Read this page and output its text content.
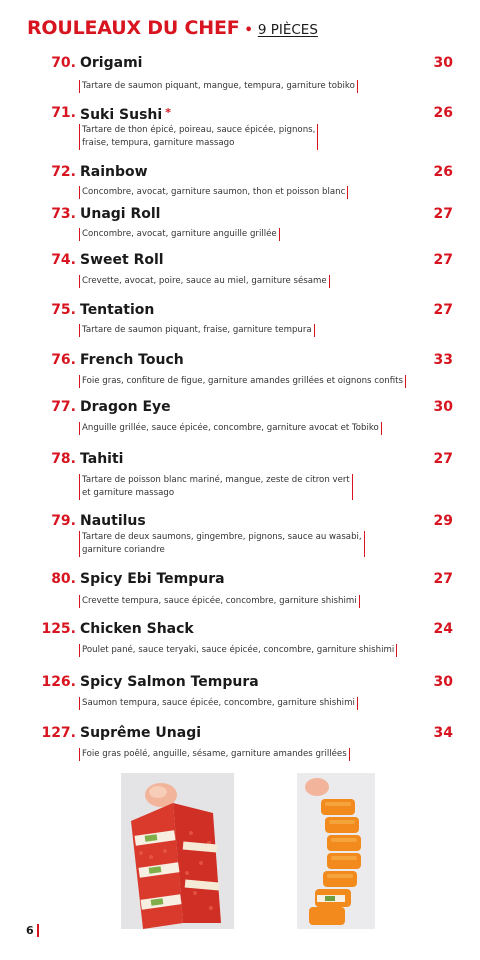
ROULEAUX DU CHEF • 9 PIÈCES
70. Origami	30
Tartare de saumon piquant, mangue, tempura, garniture tobiko
71. Suki Sushi *	26
Tartare de thon épicé, poireau, sauce épicée, pignons,
fraise, tempura, garniture massago
72. Rainbow	26
Concombre, avocat, garniture saumon, thon et poisson blanc
73. Unagi Roll	27
Concombre, avocat, garniture anguille grillée
74. Sweet Roll	27
Crevette, avocat, poire, sauce au miel, garniture sésame
75. Tentation	27
Tartare de saumon piquant, fraise, garniture tempura
76. French Touch	33
Foie gras, confiture de figue, garniture amandes grillées et oignons confits
77. Dragon Eye	30
Anguille grillée, sauce épicée, concombre, garniture avocat et Tobiko
78. Tahiti	27
Tartare de poisson blanc mariné, mangue, zeste de citron vert
et garniture massago
79. Nautilus	29
Tartare de deux saumons, gingembre, pignons, sauce au wasabi,
garniture coriandre
80. Spicy Ebi Tempura	27
Crevette tempura, sauce épicée, concombre, garniture shishimi
125. Chicken Shack	24
Poulet pané, sauce teryaki, sauce épicée, concombre, garniture shishimi
126. Spicy Salmon Tempura	30
Saumon tempura, sauce épicée, concombre, garniture shishimi
127. Suprême Unagi	34
Foie gras poêlé, anguille, sésame, garniture amandes grillées
6
